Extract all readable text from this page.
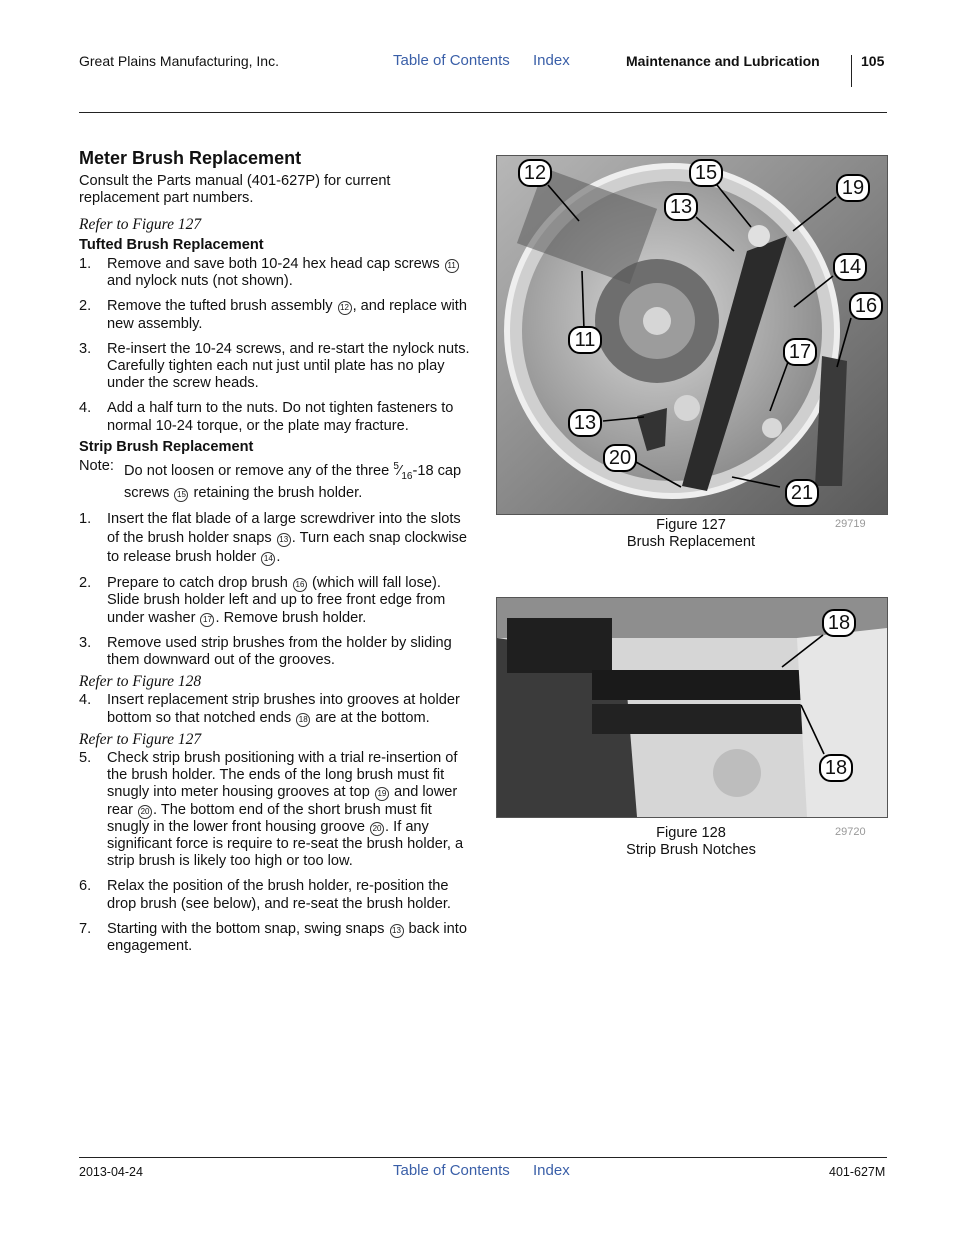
Great Plains Manufacturing, Inc.	Table of Contents Index	Maintenance and Lubrication	105
Meter Brush Replacement

Consult the Parts manual (401-627P) for current replacement part numbers.

Refer to Figure 127
Tufted Brush Replacement
1.	Remove and save both 10-24 hex head cap screws 11 and nylock nuts (not shown).
2.	Remove the tufted brush assembly 12 , and replace with new assembly.
3.	Re-insert the 10-24 screws, and re-start the nylock nuts. Carefully tighten each nut just until plate has no play under the screw heads.
4.	Add a half turn to the nuts. Do not tighten fasteners to normal 10-24 torque, or the plate may fracture.
Strip Brush Replacement
Note: Do not loosen or remove any of the three $^5⁄_{16}-18$ cap screws 15 retaining the brush holder.
1.	Insert the flat blade of a large screwdriver into the slots of the brush holder snaps 13 . Turn each snap clockwise to release brush holder 14 .
2.	Prepare to catch drop brush 16 (which will fall lose). Slide brush holder left and up to free front edge from under washer 17 . Remove brush holder.
3.	Remove used strip brushes from the holder by sliding them downward out of the grooves.
Refer to Figure 128
4.	Insert replacement strip brushes into grooves at holder bottom so that notched ends 18 are at the bottom.
Refer to Figure 127
5.	Check strip brush positioning with a trial re-insertion of the brush holder. The ends of the long brush must fit snugly into meter housing grooves at top 19 and lower rear 20 . The bottom end of the short brush must fit snugly in the lower front housing groove 20 . If any significant force is require to re-seat the brush holder, a strip brush is likely too high or too low.
6.	Relax the position of the brush holder, re-position the drop brush (see below), and re-seat the brush holder.
7.	Starting with the bottom snap, swing snaps 13 back into engagement.
12	15
19
13
14
16
11
17
13
20
21
Figure 127
Brush Replacement
29719
18
18
Figure 128
Strip Brush Notches
29720
2013-04-24	Table of Contents Index	401-627M
